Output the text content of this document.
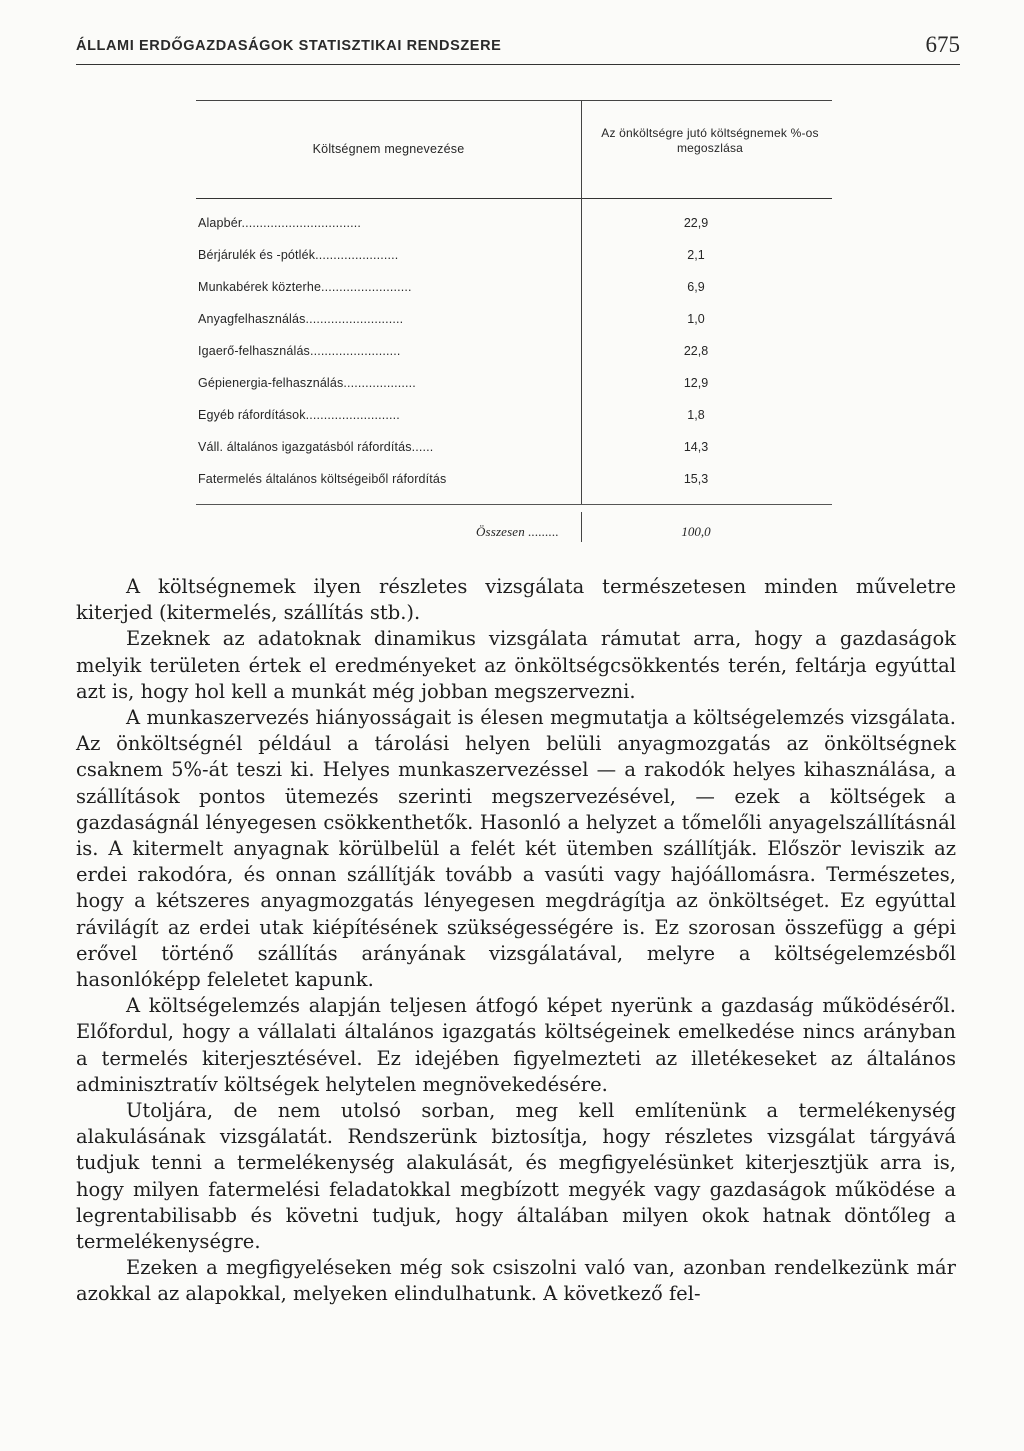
ÁLLAMI ERDŐGAZDASÁGOK STATISZTIKAI RENDSZERE	675
Költségnem megnevezése
Az önköltségre jutó költségnemek %-os megoszlása
Alapbér.................................	22,9
Bérjárulék és -pótlék.......................	2,1
Munkabérek közterhe.........................	6,9
Anyagfelhasználás...........................	1,0
Igaerő-felhasználás.........................	22,8
Gépienergia-felhasználás....................	12,9
Egyéb ráfordítások..........................	1,8
Váll. általános igazgatásból ráfordítás......	14,3
Fatermelés általános költségeiből ráfordítás	15,3
Összesen .........	100,0

A költségnemek ilyen részletes vizsgálata természetesen minden műveletre kiterjed (kitermelés, szállítás stb.).

Ezeknek az adatoknak dinamikus vizsgálata rámutat arra, hogy a gazdaságok melyik területen értek el eredményeket az önköltségcsökkentés terén, feltárja egyúttal azt is, hogy hol kell a munkát még jobban megszervezni.

A munkaszervezés hiányosságait is élesen megmutatja a költségelemzés vizsgálata. Az önköltségnél például a tárolási helyen belüli anyagmozgatás az önköltségnek csaknem 5%-át teszi ki. Helyes munkaszervezéssel — a rakodók helyes kihasználása, a szállítások pontos ütemezés szerinti megszervezésével, — ezek a költségek a gazdaságnál lényegesen csökkenthetők. Hasonló a helyzet a tőmelőli anyagelszállításnál is. A kitermelt anyagnak körülbelül a felét két ütemben szállítják. Először leviszik az erdei rakodóra, és onnan szállítják tovább a vasúti vagy hajóállomásra. Természetes, hogy a kétszeres anyagmozgatás lényegesen megdrágítja az önköltséget. Ez egyúttal rávilágít az erdei utak kiépítésének szükségességére is. Ez szorosan összefügg a gépi erővel történő szállítás arányának vizsgálatával, melyre a költségelemzésből hasonlóképp feleletet kapunk.

A költségelemzés alapján teljesen átfogó képet nyerünk a gazdaság működéséről. Előfordul, hogy a vállalati általános igazgatás költségeinek emelkedése nincs arányban a termelés kiterjesztésével. Ez idejében figyelmezteti az illetékeseket az általános adminisztratív költségek helytelen megnövekedésére.

Utoljára, de nem utolsó sorban, meg kell említenünk a termelékenység alakulásának vizsgálatát. Rendszerünk biztosítja, hogy részletes vizsgálat tárgyává tudjuk tenni a termelékenység alakulását, és megfigyelésünket kiterjesztjük arra is, hogy milyen fatermelési feladatokkal megbízott megyék vagy gazdaságok működése a legrentabilisabb és követni tudjuk, hogy általában milyen okok hatnak döntőleg a termelékenységre.

Ezeken a megfigyeléseken még sok csiszolni való van, azonban rendelkezünk már azokkal az alapokkal, melyeken elindulhatunk. A következő fel-
